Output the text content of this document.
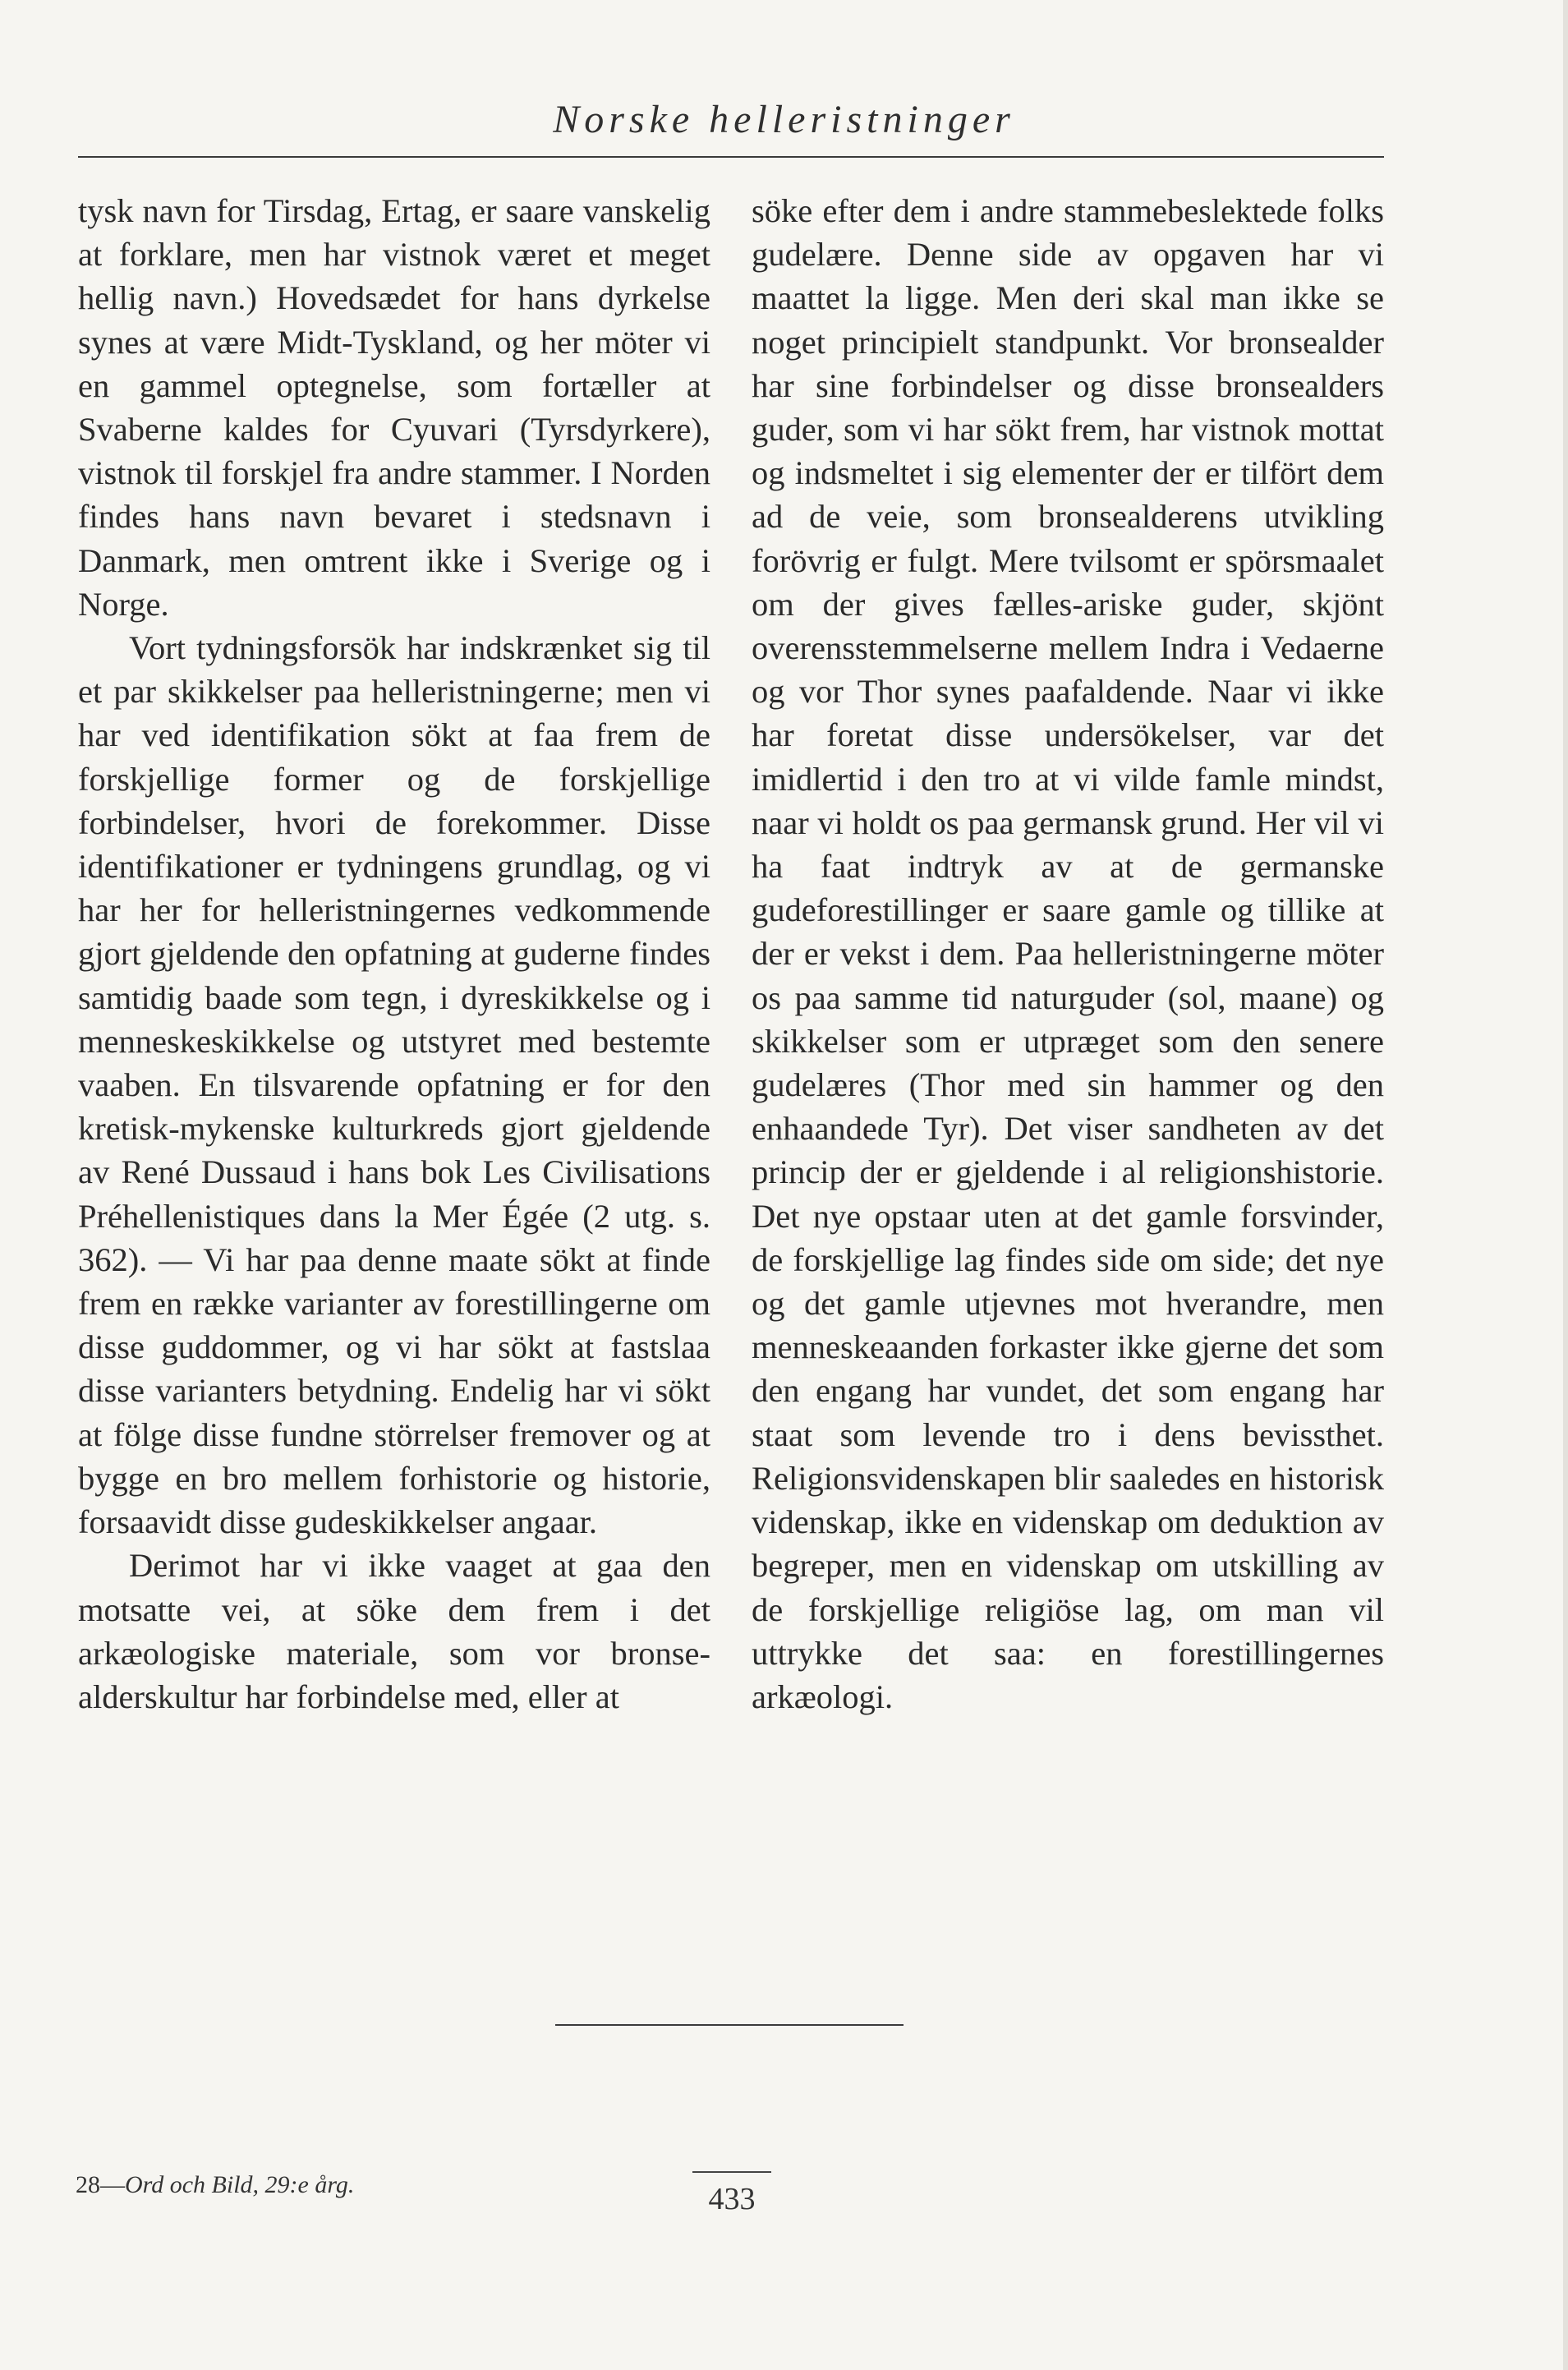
Norske helleristninger

tysk navn for Tirsdag, Ertag, er saare vanskelig at forklare, men har vistnok været et meget hellig navn.) Hovedsædet for hans dyrkelse synes at være Midt-Tyskland, og her möter vi en gammel optegnelse, som fortæller at Svaberne kaldes for Cyuvari (Tyrsdyrkere), vistnok til forskjel fra andre stammer. I Norden findes hans navn bevaret i stedsnavn i Danmark, men omtrent ikke i Sverige og i Norge.

Vort tydningsforsök har indskrænket sig til et par skikkelser paa helleristningerne; men vi har ved identifikation sökt at faa frem de forskjellige former og de forskjellige forbindelser, hvori de forekommer. Disse identifikationer er tydningens grundlag, og vi har her for helleristningernes vedkommende gjort gjeldende den opfatning at guderne findes samtidig baade som tegn, i dyreskikkelse og i menneskeskikkelse og utstyret med bestemte vaaben. En tilsvarende opfatning er for den kretisk-mykenske kulturkreds gjort gjeldende av René Dussaud i hans bok Les Civilisations Préhellenistiques dans la Mer Égée (2 utg. s. 362). — Vi har paa denne maate sökt at finde frem en række varianter av forestillingerne om disse guddommer, og vi har sökt at fastslaa disse varianters betydning. Endelig har vi sökt at fölge disse fundne störrelser fremover og at bygge en bro mellem forhistorie og historie, forsaavidt disse gudeskikkelser angaar.

Derimot har vi ikke vaaget at gaa den motsatte vei, at söke dem frem i det arkæologiske materiale, som vor bronsealderskultur har forbindelse med, eller at

söke efter dem i andre stammebeslektede folks gudelære. Denne side av opgaven har vi maattet la ligge. Men deri skal man ikke se noget principielt standpunkt. Vor bronsealder har sine forbindelser og disse bronsealders guder, som vi har sökt frem, har vistnok mottat og indsmeltet i sig elementer der er tilfört dem ad de veie, som bronsealderens utvikling forövrig er fulgt. Mere tvilsomt er spörsmaalet om der gives fælles-ariske guder, skjönt overensstemmelserne mellem Indra i Vedaerne og vor Thor synes paafaldende. Naar vi ikke har foretat disse undersökelser, var det imidlertid i den tro at vi vilde famle mindst, naar vi holdt os paa germansk grund. Her vil vi ha faat indtryk av at de germanske gudeforestillinger er saare gamle og tillike at der er vekst i dem. Paa helleristningerne möter os paa samme tid naturguder (sol, maane) og skikkelser som er utpræget som den senere gudelæres (Thor med sin hammer og den enhaandede Tyr). Det viser sandheten av det princip der er gjeldende i al religionshistorie. Det nye opstaar uten at det gamle forsvinder, de forskjellige lag findes side om side; det nye og det gamle utjevnes mot hverandre, men menneskeaanden forkaster ikke gjerne det som den engang har vundet, det som engang har staat som levende tro i dens bevissthet. Religionsvidenskapen blir saaledes en historisk videnskap, ikke en videnskap om deduktion av begreper, men en videnskap om utskilling av de forskjellige religiöse lag, om man vil uttrykke det saa: en forestillingernes arkæologi.

28—Ord och Bild, 29:e årg.	433
